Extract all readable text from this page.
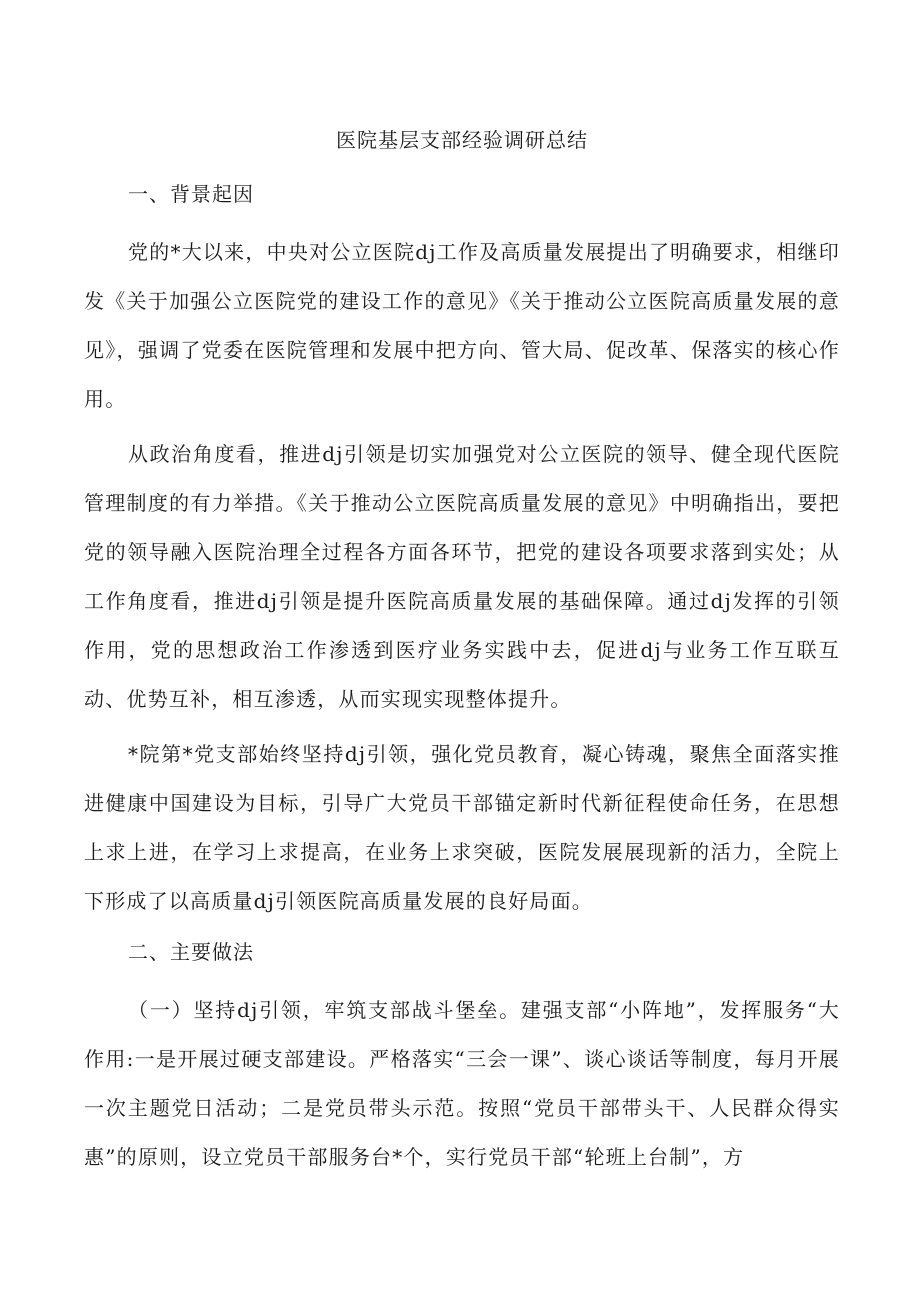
医院基层支部经验调研总结
一、背景起因

党的*大以来，中央对公立医院dj工作及高质量发展提出了明确要求，相继印发《关于加强公立医院党的建设工作的意见》《关于推动公立医院高质量发展的意见》，强调了党委在医院管理和发展中把方向、管大局、促改革、保落实的核心作用。

从政治角度看，推进dj引领是切实加强党对公立医院的领导、健全现代医院管理制度的有力举措。《关于推动公立医院高质量发展的意见》中明确指出，要把党的领导融入医院治理全过程各方面各环节，把党的建设各项要求落到实处；从工作角度看，推进dj引领是提升医院高质量发展的基础保障。通过dj发挥的引领作用，党的思想政治工作渗透到医疗业务实践中去，促进dj与业务工作互联互动、优势互补，相互渗透，从而实现实现整体提升。

*院第*党支部始终坚持dj引领，强化党员教育，凝心铸魂，聚焦全面落实推进健康中国建设为目标，引导广大党员干部锚定新时代新征程使命任务，在思想上求上进，在学习上求提高，在业务上求突破，医院发展展现新的活力，全院上下形成了以高质量dj引领医院高质量发展的良好局面。

二、主要做法

（一）坚持dj引领，牢筑支部战斗堡垒。建强支部“小阵地”，发挥服务“大作用:一是开展过硬支部建设。严格落实“三会一课”、谈心谈话等制度，每月开展一次主题党日活动；二是党员带头示范。按照“党员干部带头干、人民群众得实惠”的原则，设立党员干部服务台*个，实行党员干部“轮班上台制”，方
